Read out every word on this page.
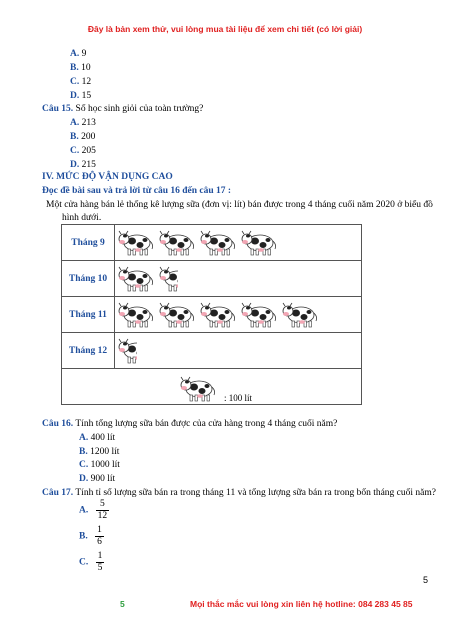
Đây là bản xem thử, vui lòng mua tài liệu để xem chi tiết (có lời giải)
A. 9
B. 10
C. 12
D. 15
Câu 15. Số học sinh giỏi của toàn trường?
A. 213
B. 200
C. 205
D. 215
IV. MỨC ĐỘ VẬN DỤNG CAO
Đọc đề bài sau và trả lời từ câu 16 đến câu 17 :
Một cửa hàng bán lẻ thống kê lượng sữa (đơn vị: lít) bán được trong 4 tháng cuối năm 2020 ở biểu đồ
hình dưới.
Tháng 9	
Tháng 10	
Tháng 11	
Tháng 12	

: 100 lít	
Câu 16. Tính tổng lượng sữa bán được của cửa hàng trong 4 tháng cuối năm?
A. 400 lít
B. 1200 lít
C. 1000 lít
D. 900 lít
Câu 17. Tính tỉ số lượng sữa bán ra trong tháng 11 và tổng lượng sữa bán ra trong bốn tháng cuối năm?
A. $\frac{5}{12}$
B. $\frac{1}{6}$
C. $\frac{1}{5}$
5
5	Mọi thắc mắc vui lòng xin liên hệ hotline: 084 283 45 85
